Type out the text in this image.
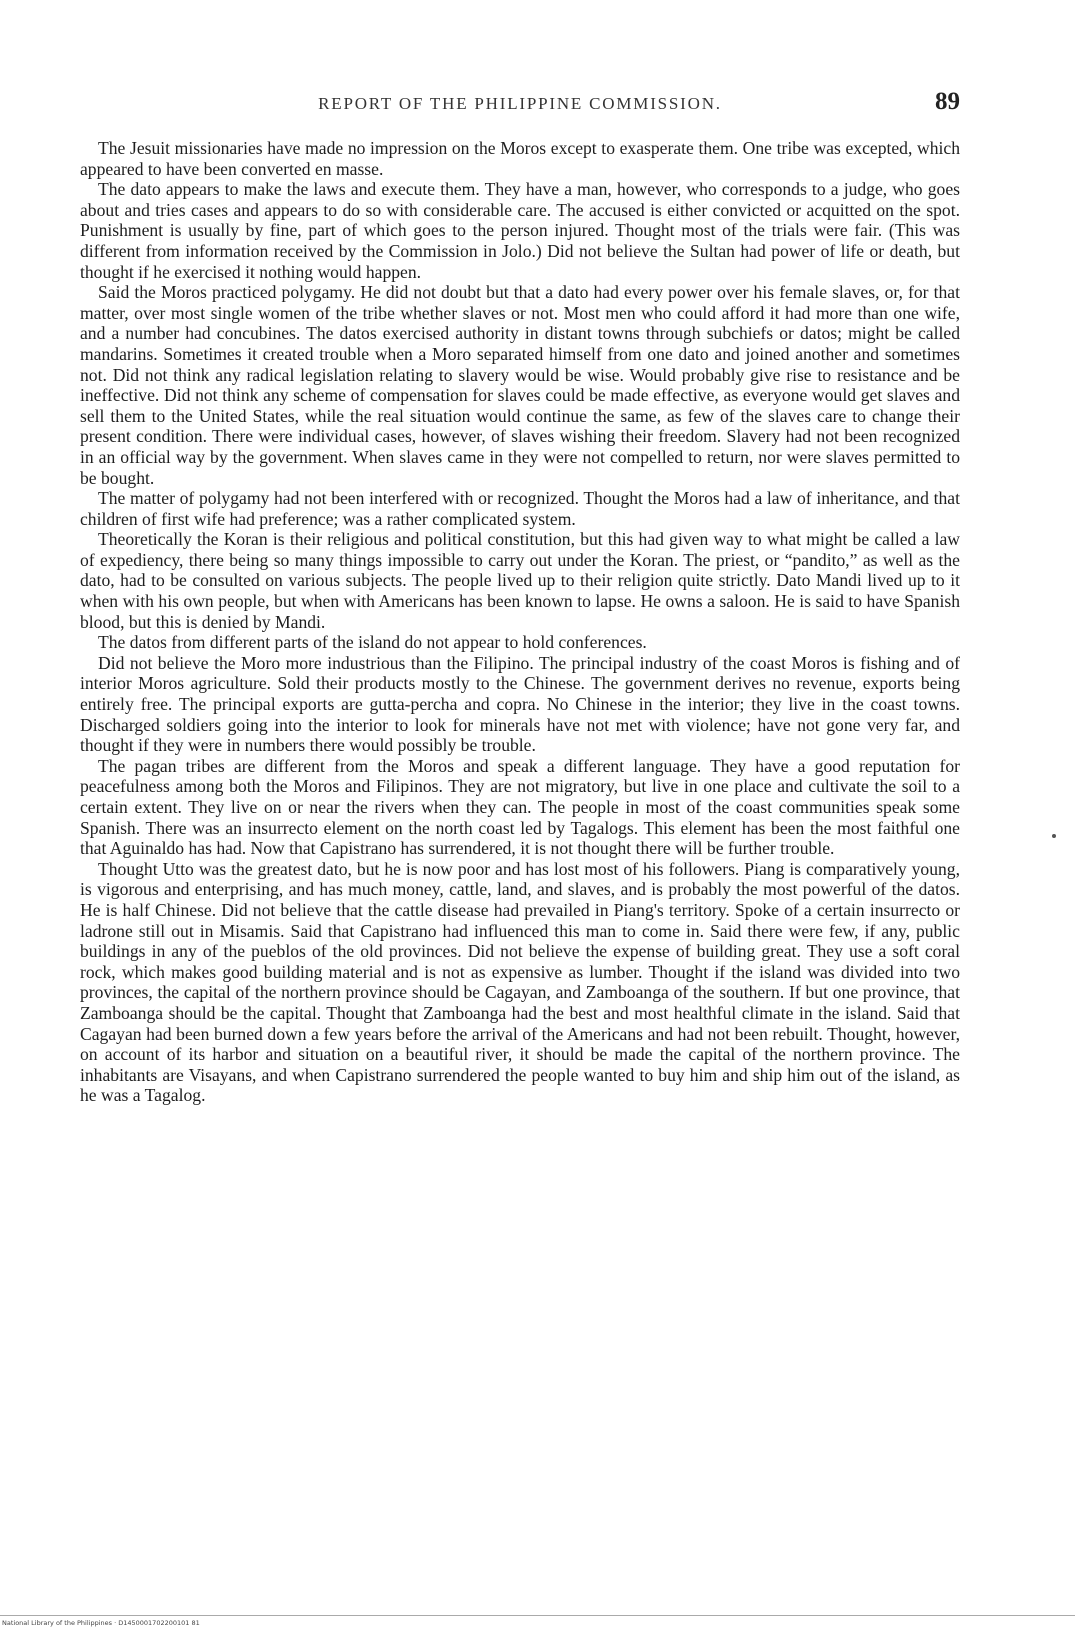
REPORT OF THE PHILIPPINE COMMISSION.	89

The Jesuit missionaries have made no impression on the Moros except to exasperate them. One tribe was excepted, which appeared to have been converted en masse.

The dato appears to make the laws and execute them. They have a man, however, who corresponds to a judge, who goes about and tries cases and appears to do so with considerable care. The accused is either convicted or acquitted on the spot. Punishment is usually by fine, part of which goes to the person injured. Thought most of the trials were fair. (This was different from information received by the Commission in Jolo.) Did not believe the Sultan had power of life or death, but thought if he exercised it nothing would happen.

Said the Moros practiced polygamy. He did not doubt but that a dato had every power over his female slaves, or, for that matter, over most single women of the tribe whether slaves or not. Most men who could afford it had more than one wife, and a number had concubines. The datos exercised authority in distant towns through subchiefs or datos; might be called mandarins. Sometimes it created trouble when a Moro separated himself from one dato and joined another and sometimes not. Did not think any radical legislation relating to slavery would be wise. Would probably give rise to resistance and be ineffective. Did not think any scheme of compensation for slaves could be made effective, as everyone would get slaves and sell them to the United States, while the real situation would continue the same, as few of the slaves care to change their present condition. There were individual cases, however, of slaves wishing their freedom. Slavery had not been recognized in an official way by the government. When slaves came in they were not compelled to return, nor were slaves permitted to be bought.

The matter of polygamy had not been interfered with or recognized. Thought the Moros had a law of inheritance, and that children of first wife had preference; was a rather complicated system.

Theoretically the Koran is their religious and political constitution, but this had given way to what might be called a law of expediency, there being so many things impossible to carry out under the Koran. The priest, or “pandito,” as well as the dato, had to be consulted on various subjects. The people lived up to their religion quite strictly. Dato Mandi lived up to it when with his own people, but when with Americans has been known to lapse. He owns a saloon. He is said to have Spanish blood, but this is denied by Mandi.

The datos from different parts of the island do not appear to hold conferences.

Did not believe the Moro more industrious than the Filipino. The principal industry of the coast Moros is fishing and of interior Moros agriculture. Sold their products mostly to the Chinese. The government derives no revenue, exports being entirely free. The principal exports are gutta-percha and copra. No Chinese in the interior; they live in the coast towns. Discharged soldiers going into the interior to look for minerals have not met with violence; have not gone very far, and thought if they were in numbers there would possibly be trouble.

The pagan tribes are different from the Moros and speak a different language. They have a good reputation for peacefulness among both the Moros and Filipinos. They are not migratory, but live in one place and cultivate the soil to a certain extent. They live on or near the rivers when they can. The people in most of the coast communities speak some Spanish. There was an insurrecto element on the north coast led by Tagalogs. This element has been the most faithful one that Aguinaldo has had. Now that Capistrano has surrendered, it is not thought there will be further trouble.

Thought Utto was the greatest dato, but he is now poor and has lost most of his followers. Piang is comparatively young, is vigorous and enterprising, and has much money, cattle, land, and slaves, and is probably the most powerful of the datos. He is half Chinese. Did not believe that the cattle disease had prevailed in Piang's territory. Spoke of a certain insurrecto or ladrone still out in Misamis. Said that Capistrano had influenced this man to come in. Said there were few, if any, public buildings in any of the pueblos of the old provinces. Did not believe the expense of building great. They use a soft coral rock, which makes good building material and is not as expensive as lumber. Thought if the island was divided into two provinces, the capital of the northern province should be Cagayan, and Zamboanga of the southern. If but one province, that Zamboanga should be the capital. Thought that Zamboanga had the best and most healthful climate in the island. Said that Cagayan had been burned down a few years before the arrival of the Americans and had not been rebuilt. Thought, however, on account of its harbor and situation on a beautiful river, it should be made the capital of the northern province. The inhabitants are Visayans, and when Capistrano surrendered the people wanted to buy him and ship him out of the island, as he was a Tagalog.

National Library of the Philippines · D1450001702200101 81
